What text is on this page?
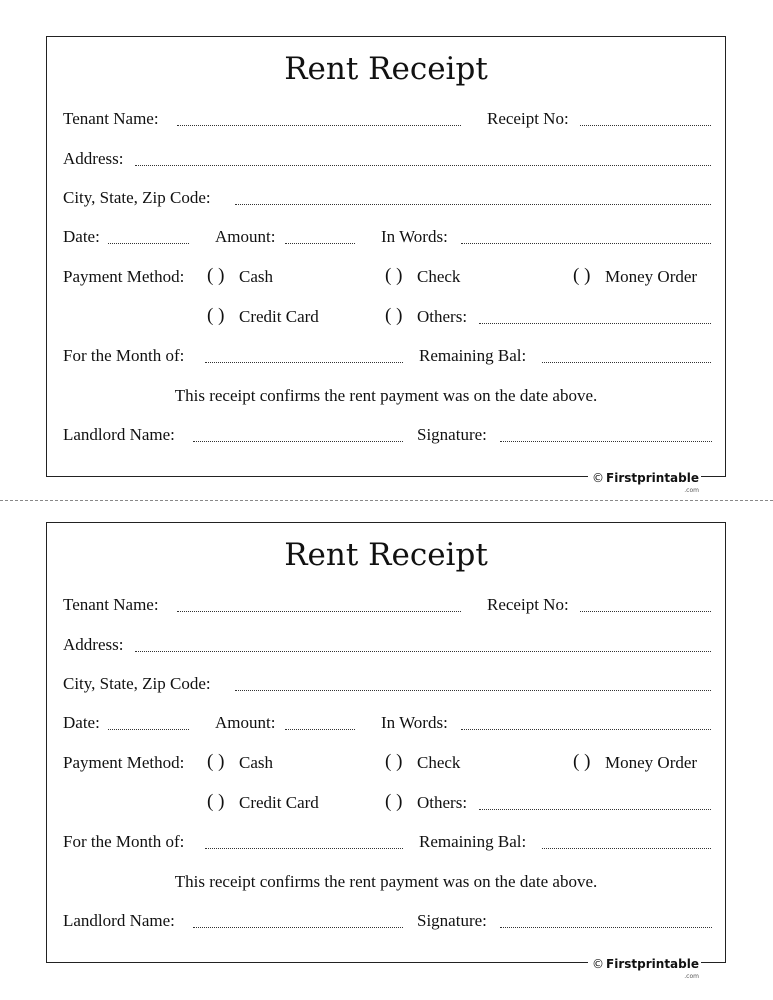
Rent Receipt
Tenant Name:	Receipt No:
Address:
City, State, Zip Code:
Date:	Amount:	In Words:
Payment Method: ( ) Cash	( ) Check	( ) Money Order
( ) Credit Card	( ) Others:
For the Month of:	Remaining Bal:
This receipt confirms the rent payment was on the date above.
Landlord Name:	Signature:
© Firstprintable
.com
Rent Receipt
Tenant Name:	Receipt No:
Address:
City, State, Zip Code:
Date:	Amount:	In Words:
Payment Method: ( ) Cash	( ) Check	( ) Money Order
( ) Credit Card	( ) Others:
For the Month of:	Remaining Bal:
This receipt confirms the rent payment was on the date above.
Landlord Name:	Signature:
© Firstprintable
.com
